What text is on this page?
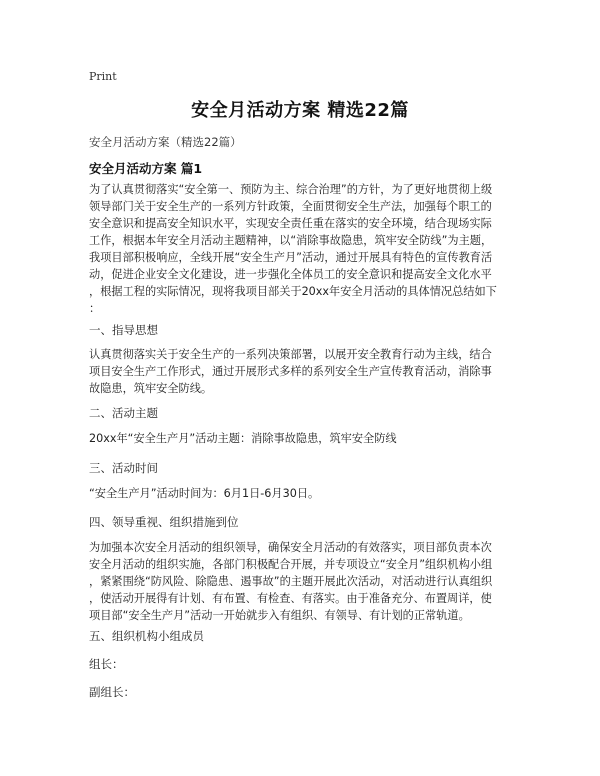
Print
安全月活动方案 精选22篇
安全月活动方案（精选22篇）
安全月活动方案 篇1
为了认真贯彻落实“安全第一、预防为主、综合治理”的方针，为了更好地贯彻上级
领导部门关于安全生产的一系列方针政策，全面贯彻安全生产法，加强每个职工的
安全意识和提高安全知识水平，实现安全责任重在落实的安全环境，结合现场实际
工作，根据本年安全月活动主题精神，以“消除事故隐患，筑牢安全防线”为主题，
我项目部积极响应，全线开展“安全生产月”活动，通过开展具有特色的宣传教育活
动，促进企业安全文化建设，进一步强化全体员工的安全意识和提高安全文化水平
，根据工程的实际情况，现将我项目部关于20xx年安全月活动的具体情况总结如下
：
一、指导思想
认真贯彻落实关于安全生产的一系列决策部署，以展开安全教育行动为主线，结合
项目安全生产工作形式，通过开展形式多样的系列安全生产宣传教育活动，消除事
故隐患，筑牢安全防线。
二、活动主题
20xx年“安全生产月”活动主题：消除事故隐患，筑牢安全防线
三、活动时间
“安全生产月”活动时间为：6月1日-6月30日。
四、领导重视、组织措施到位
为加强本次安全月活动的组织领导，确保安全月活动的有效落实，项目部负责本次
安全月活动的组织实施，各部门积极配合开展，并专项设立“安全月”组织机构小组
，紧紧围绕“防风险、除隐患、遏事故”的主题开展此次活动，对活动进行认真组织
，使活动开展得有计划、有布置、有检查、有落实。由于准备充分、布置周详，使
项目部“安全生产月”活动一开始就步入有组织、有领导、有计划的正常轨道。
五、组织机构小组成员
组长：
副组长：
